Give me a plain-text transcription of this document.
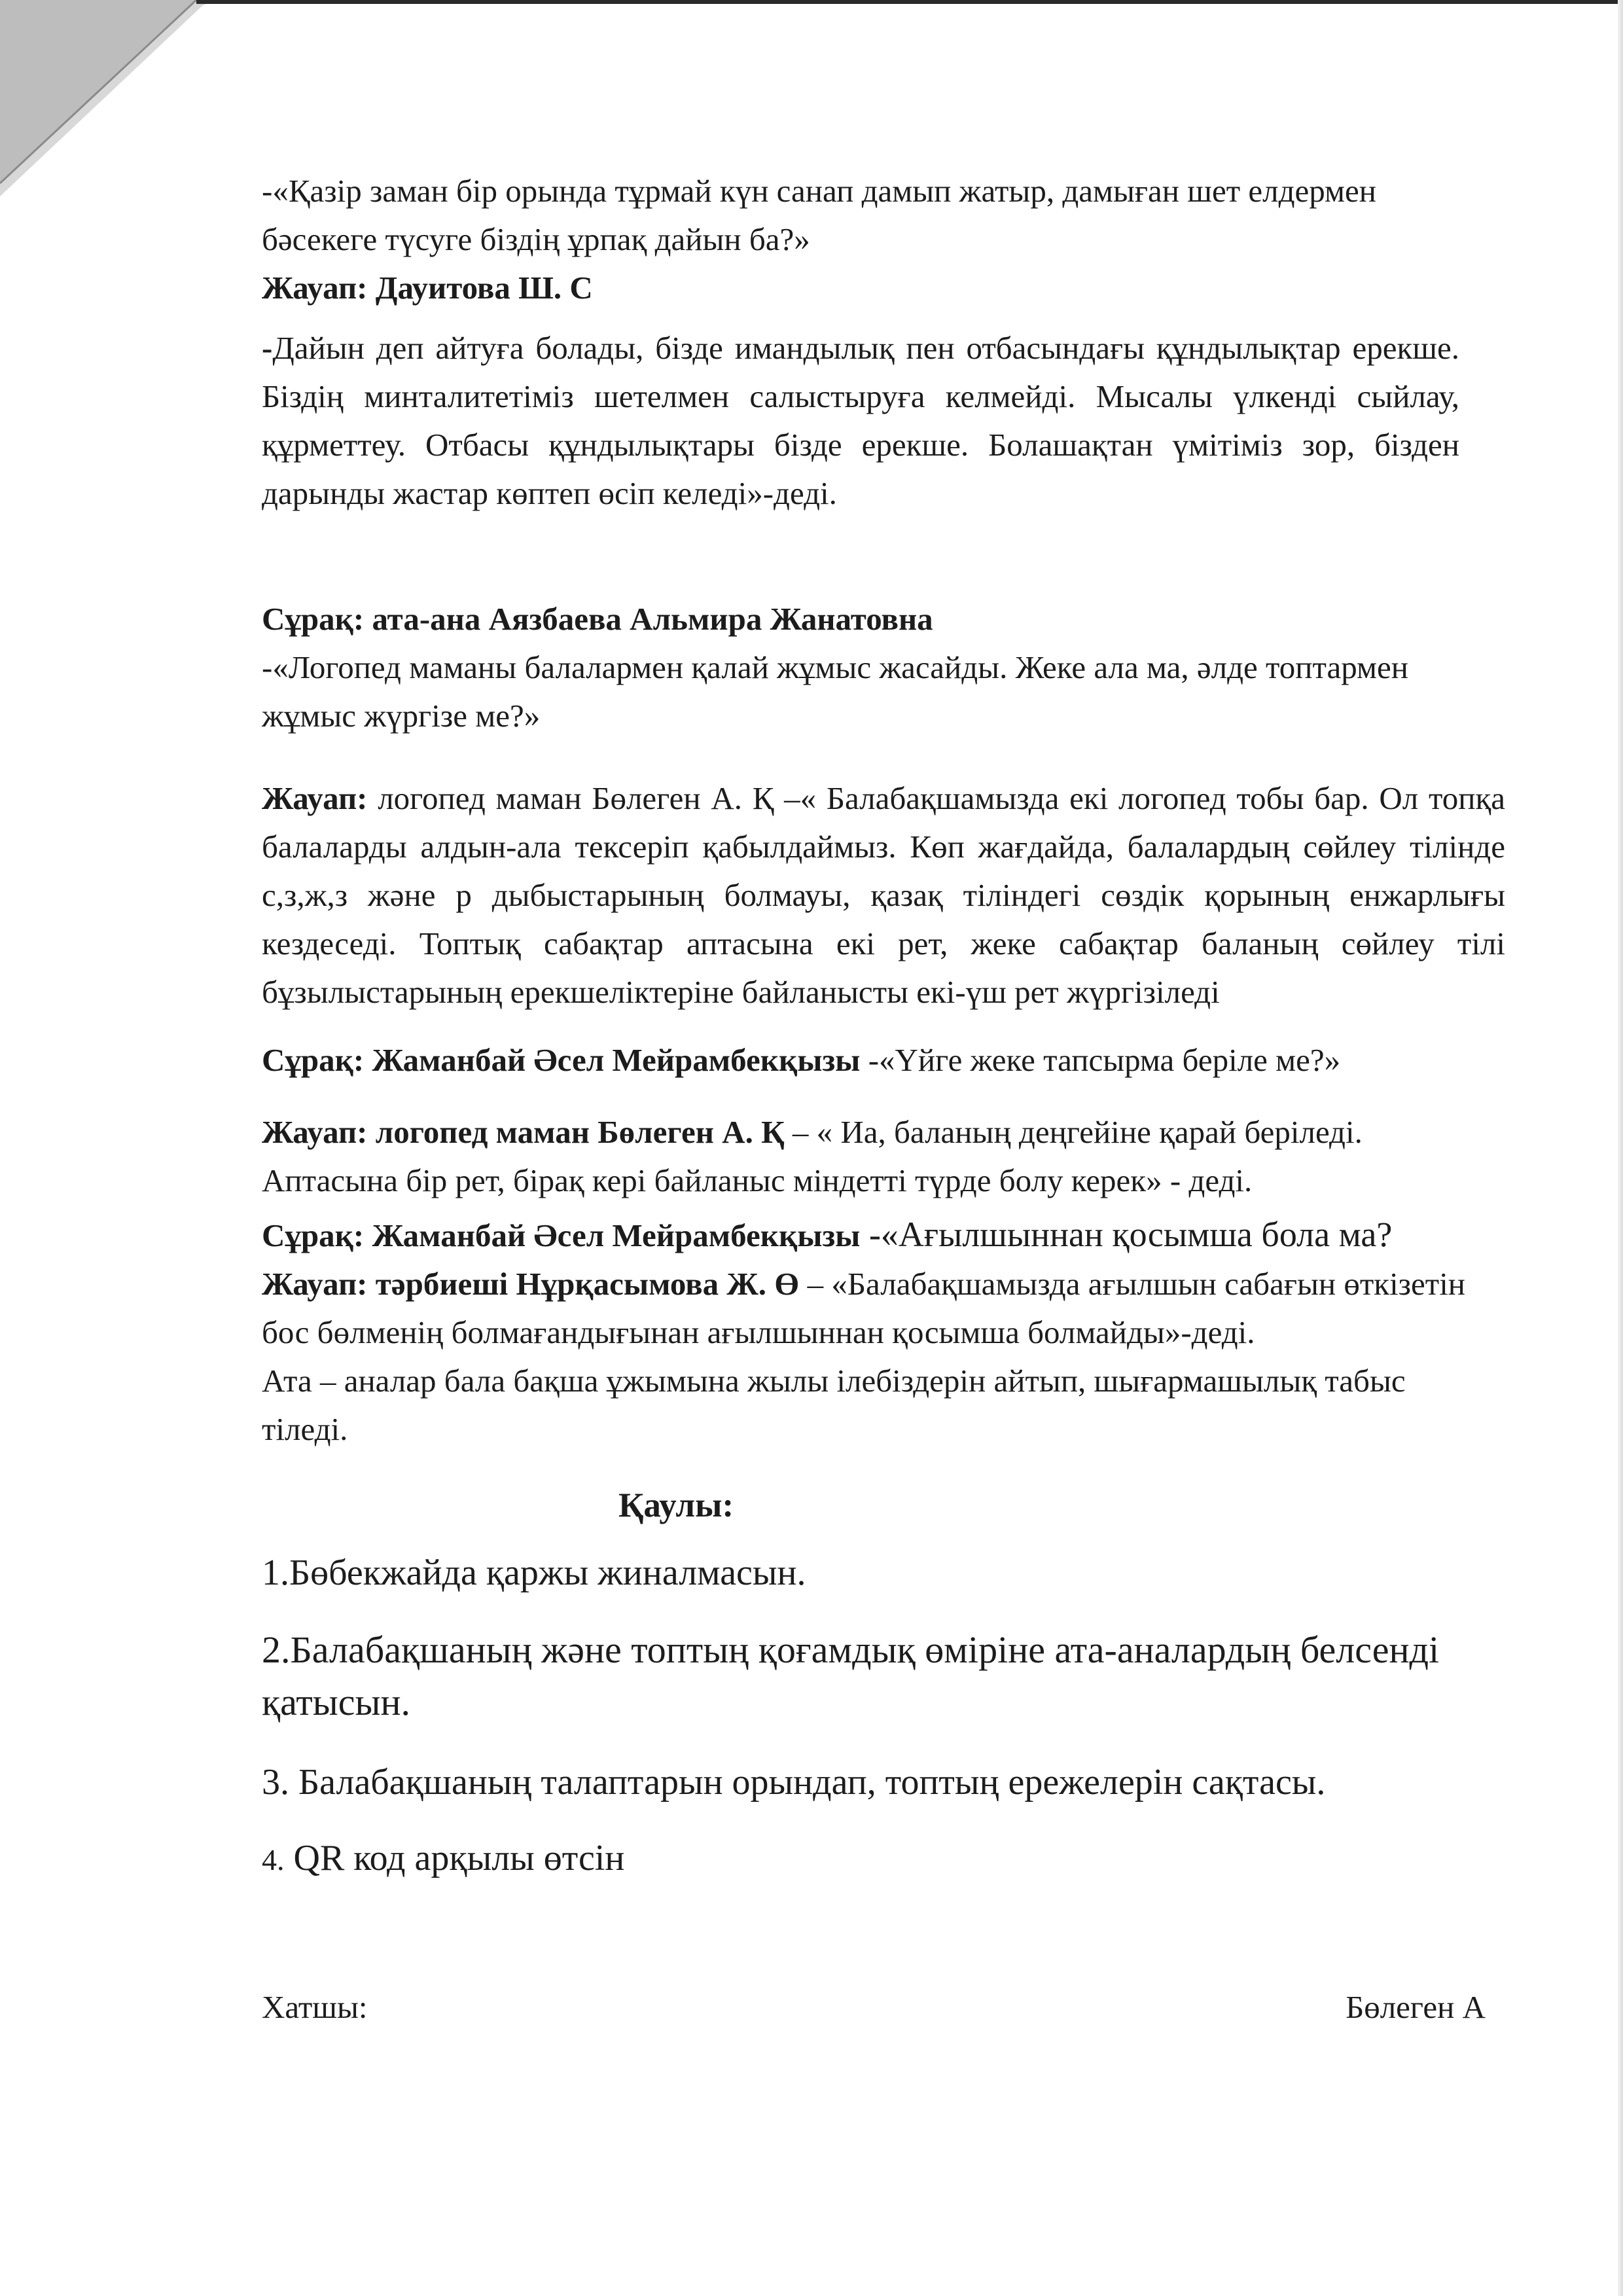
-«Қазір заман бір орында тұрмай күн санап дамып жатыр, дамыған шет елдермен бәсекеге түсуге біздің ұрпақ дайын ба?»

Жауап: Дауитова Ш. С

-Дайын деп айтуға болады, бізде имандылық пен отбасындағы құндылықтар ерекше. Біздің минталитетіміз шетелмен салыстыруға келмейді. Мысалы үлкенді сыйлау, құрметтеу. Отбасы құндылықтары бізде ерекше. Болашақтан үмітіміз зор, бізден дарынды жастар көптеп өсіп келеді»-деді.

Сұрақ: ата-ана Аязбаева Альмира Жанатовна

-«Логопед маманы балалармен қалай жұмыс жасайды. Жеке ала ма, әлде топтармен жұмыс жүргізе ме?»

Жауап: логопед маман Бөлеген А. Қ –« Балабақшамызда екі логопед тобы бар. Ол топқа балаларды алдын-ала тексеріп қабылдаймыз. Көп жағдайда, балалардың сөйлеу тілінде с,з,ж,з және р дыбыстарының болмауы, қазақ тіліндегі сөздік қорының енжарлығы кездеседі. Топтық сабақтар аптасына екі рет, жеке сабақтар баланың сөйлеу тілі бұзылыстарының ерекшеліктеріне байланысты екі-үш рет жүргізіледі

Сұрақ: Жаманбай Әсел Мейрамбекқызы -«Үйге жеке тапсырма беріле ме?»

Жауап: логопед маман Бөлеген А. Қ – « Иа, баланың деңгейіне қарай беріледі. Аптасына бір рет, бірақ кері байланыс міндетті түрде болу керек» - деді.

Сұрақ: Жаманбай Әсел Мейрамбекқызы -«Ағылшыннан қосымша бола ма?

Жауап: тәрбиеші Нұрқасымова Ж. Ө – «Балабақшамызда ағылшын сабағын өткізетін бос бөлменің болмағандығынан ағылшыннан қосымша болмайды»-деді.

Ата – аналар бала бақша ұжымына жылы ілебіздерін айтып, шығармашылық табыс тіледі.

Қаулы:

1.Бөбекжайда қаржы жиналмасын.

2.Балабақшаның және топтың қоғамдық өміріне ата-аналардың белсенді қатысын.

3. Балабақшаның талаптарын орындап, топтың ережелерін сақтасы.

4. QR код арқылы өтсін

Хатшы:	Бөлеген А
